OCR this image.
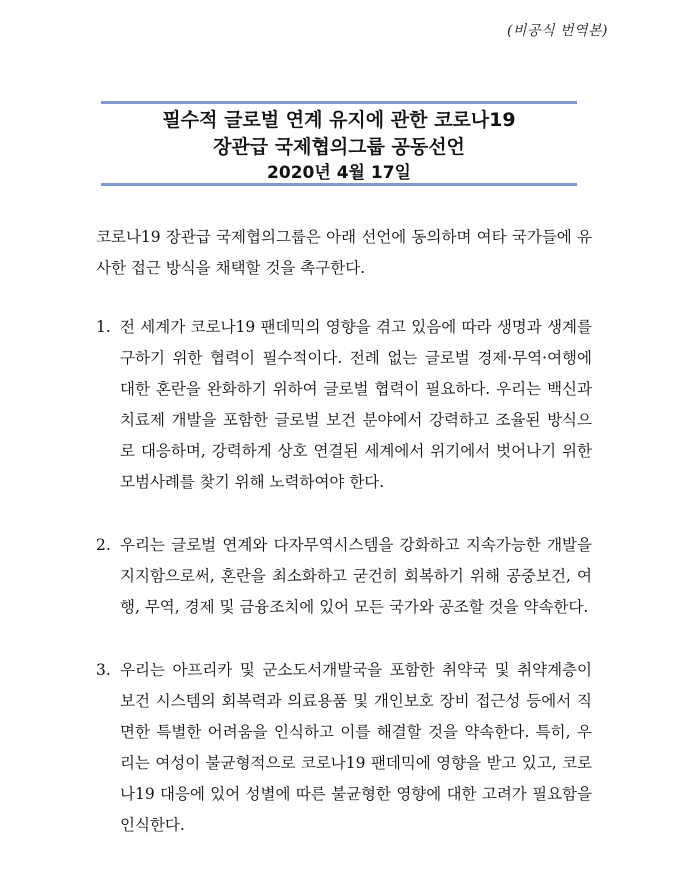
(비공식 번역본)
필수적 글로벌 연계 유지에 관한 코로나19
장관급 국제협의그룹 공동선언
2020년 4월 17일

코로나19 장관급 국제협의그룹은 아래 선언에 동의하며 여타 국가들에 유사한 접근 방식을 채택할 것을 촉구한다.

1. 전 세계가 코로나19 팬데믹의 영향을 겪고 있음에 따라 생명과 생계를 구하기 위한 협력이 필수적이다. 전례 없는 글로벌 경제·무역·여행에 대한 혼란을 완화하기 위하여 글로벌 협력이 필요하다. 우리는 백신과 치료제 개발을 포함한 글로벌 보건 분야에서 강력하고 조율된 방식으로 대응하며, 강력하게 상호 연결된 세계에서 위기에서 벗어나기 위한 모범사례를 찾기 위해 노력하여야 한다.

2. 우리는 글로벌 연계와 다자무역시스템을 강화하고 지속가능한 개발을 지지함으로써, 혼란을 최소화하고 굳건히 회복하기 위해 공중보건, 여행, 무역, 경제 및 금융조치에 있어 모든 국가와 공조할 것을 약속한다.

3. 우리는 아프리카 및 군소도서개발국을 포함한 취약국 및 취약계층이 보건 시스템의 회복력과 의료용품 및 개인보호 장비 접근성 등에서 직면한 특별한 어려움을 인식하고 이를 해결할 것을 약속한다. 특히, 우리는 여성이 불균형적으로 코로나19 팬데믹에 영향을 받고 있고, 코로나19 대응에 있어 성별에 따른 불균형한 영향에 대한 고려가 필요함을 인식한다.
